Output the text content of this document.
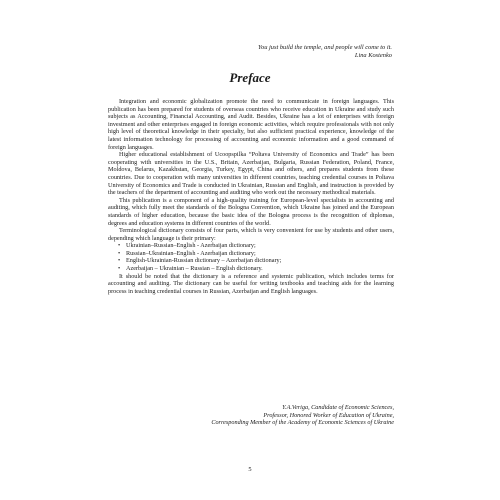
You just build the temple, and people will come to it.
Lina Kostenko
Preface

Integration and economic globalization promote the need to communicate in foreign languages. This publication has been prepared for students of overseas countries who receive education in Ukraine and study such subjects as Accounting, Financial Accounting, and Audit. Besides, Ukraine has a lot of enterprises with foreign investment and other enterprises engaged in foreign economic activities, which require professionals with not only high level of theoretical knowledge in their specialty, but also sufficient practical experience, knowledge of the latest information technology for processing of accounting and economic information and a good command of foreign languages.

Higher educational establishment of Ucoopspilka “Poltava University of Economics and Trade” has been cooperating with universities in the U.S., Britain, Azerbaijan, Bulgaria, Russian Federation, Poland, France, Moldova, Belarus, Kazakhstan, Georgia, Turkey, Egypt, China and others, and prepares students from these countries. Due to cooperation with many universities in different countries, teaching credential courses in Poltava University of Economics and Trade is conducted in Ukrainian, Russian and English, and instruction is provided by the teachers of the department of accounting and auditing who work out the necessary methodical materials.

This publication is a component of a high-quality training for European-level specialists in accounting and auditing, which fully meet the standards of the Bologna Convention, which Ukraine has joined and the European standards of higher education, because the basic idea of the Bologna process is the recognition of diplomas, degrees and education systems in different countries of the world.

Terminological dictionary consists of four parts, which is very convenient for use by students and other users, depending which language is their primary:

• Ukrainian–Russian–English - Azerbaijan dictionary;
• Russian–Ukrainian–English - Azerbaijan dictionary;
• English-Ukrainian-Russian dictionary – Azerbaijan dictionary;
• Azerbaijan – Ukrainian – Russian – English dictionary.

It should be noted that the dictionary is a reference and systemic publication, which includes terms for accounting and auditing. The dictionary can be useful for writing textbooks and teaching aids for the learning process in teaching credential courses in Russian, Azerbaijan and English languages.

Y.A.Veriga, Candidate of Economic Sciences,
Professor, Honored Worker of Education of Ukraine,
Corresponding Member of the Academy of Economic Sciences of Ukraine
5
